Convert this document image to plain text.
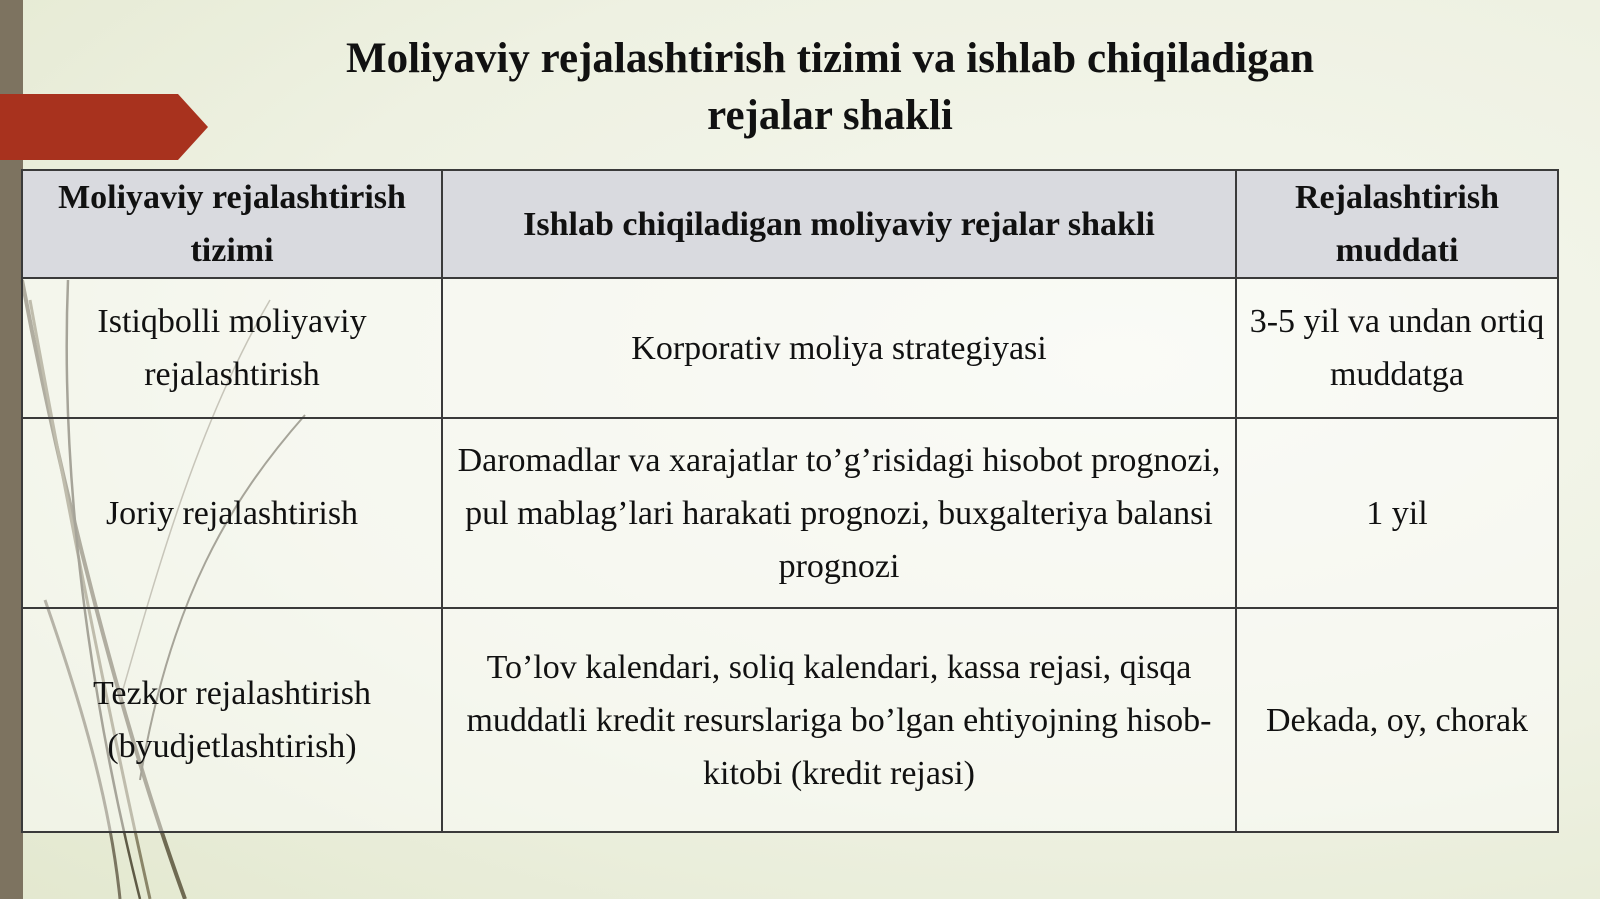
Moliyaviy rejalashtirish tizimi va ishlab chiqiladigan
rejalar shakli
Moliyaviy rejalashtirish tizimi	Ishlab chiqiladigan moliyaviy rejalar shakli	Rejalashtirish muddati
Istiqbolli moliyaviy rejalashtirish	Korporativ moliya strategiyasi	3-5 yil va undan ortiq muddatga
Joriy rejalashtirish	Daromadlar va xarajatlar to’g’risidagi hisobot prognozi, pul mablag’lari harakati prognozi, buxgalteriya balansi prognozi	1 yil
Tezkor rejalashtirish (byudjetlashtirish)	To’lov kalendari, soliq kalendari, kassa rejasi, qisqa muddatli kredit resurslariga bo’lgan ehtiyojning hisob-kitobi (kredit rejasi)	Dekada, oy, chorak
